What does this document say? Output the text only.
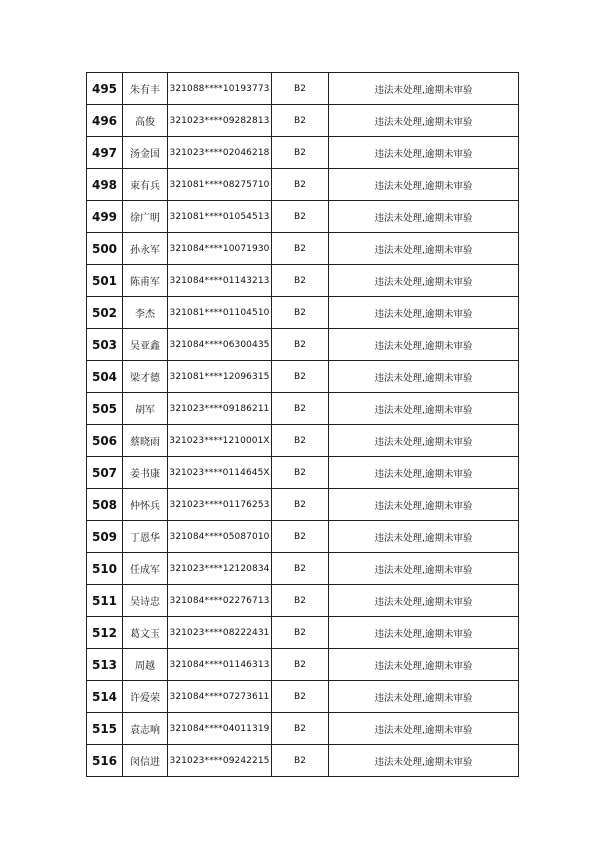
495	朱有丰	321088****10193773	B2	违法未处理,逾期未审验
496	高俊	321023****09282813	B2	违法未处理,逾期未审验
497	汤金国	321023****02046218	B2	违法未处理,逾期未审验
498	束有兵	321081****08275710	B2	违法未处理,逾期未审验
499	徐广明	321081****01054513	B2	违法未处理,逾期未审验
500	孙永军	321084****10071930	B2	违法未处理,逾期未审验
501	陈甫军	321084****01143213	B2	违法未处理,逾期未审验
502	李杰	321081****01104510	B2	违法未处理,逾期未审验
503	吴亚鑫	321084****06300435	B2	违法未处理,逾期未审验
504	梁才德	321081****12096315	B2	违法未处理,逾期未审验
505	胡军	321023****09186211	B2	违法未处理,逾期未审验
506	蔡晓雨	321023****1210001X	B2	违法未处理,逾期未审验
507	姜书康	321023****0114645X	B2	违法未处理,逾期未审验
508	仲怀兵	321023****01176253	B2	违法未处理,逾期未审验
509	丁恩华	321084****05087010	B2	违法未处理,逾期未审验
510	任成军	321023****12120834	B2	违法未处理,逾期未审验
511	吴诗忠	321084****02276713	B2	违法未处理,逾期未审验
512	葛文玉	321023****08222431	B2	违法未处理,逾期未审验
513	周越	321084****01146313	B2	违法未处理,逾期未审验
514	许爱荣	321084****07273611	B2	违法未处理,逾期未审验
515	袁志响	321084****04011319	B2	违法未处理,逾期未审验
516	闵信进	321023****09242215	B2	违法未处理,逾期未审验
